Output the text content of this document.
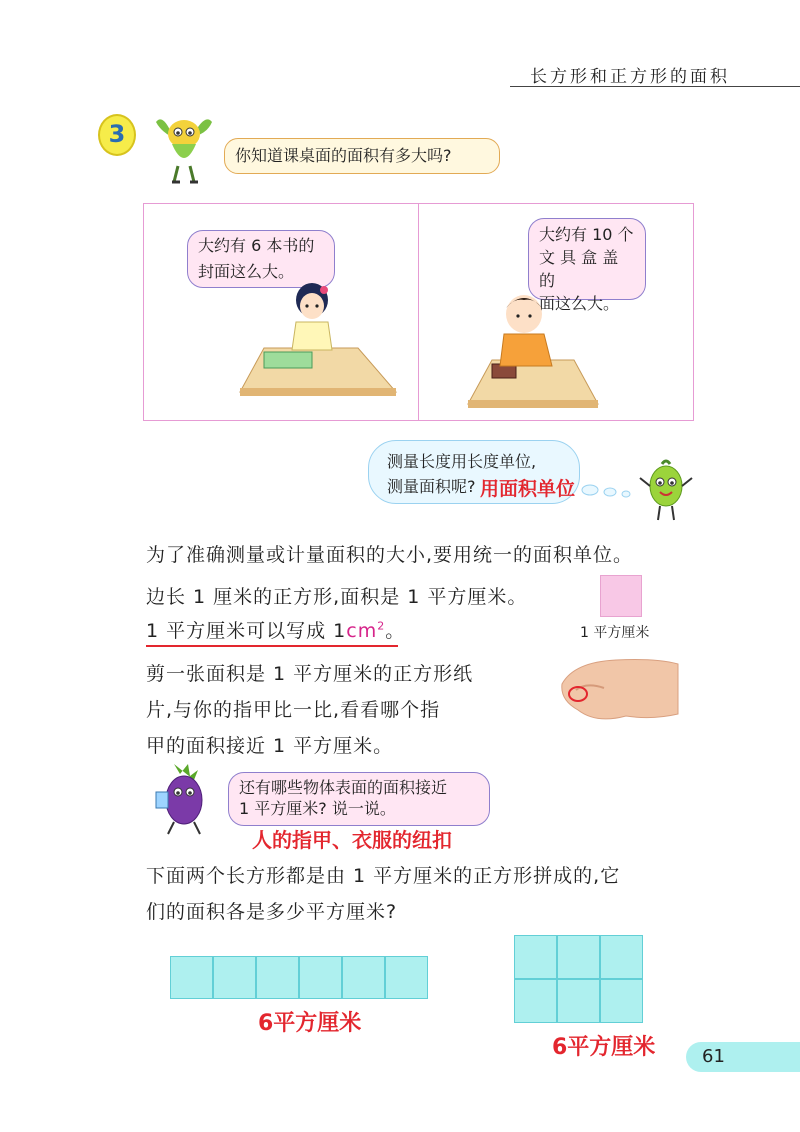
长方形和正方形的面积
3
你知道课桌面的面积有多大吗?
大约有 6 本书的
封面这么大。
大约有 10 个
文 具 盒 盖 的
面这么大。
测量长度用长度单位,
测量面积呢? 用面积单位
为了准确测量或计量面积的大小,要用统一的面积单位。
边长 1 厘米的正方形,面积是 1 平方厘米。
1 平方厘米可以写成 $1cm^2$。	1 平方厘米
剪一张面积是 1 平方厘米的正方形纸
片,与你的指甲比一比,看看哪个指
甲的面积接近 1 平方厘米。
还有哪些物体表面的面积接近
1 平方厘米? 说一说。
人的指甲、衣服的纽扣
下面两个长方形都是由 1 平方厘米的正方形拼成的,它
们的面积各是多少平方厘米?
6平方厘米
6平方厘米	61
